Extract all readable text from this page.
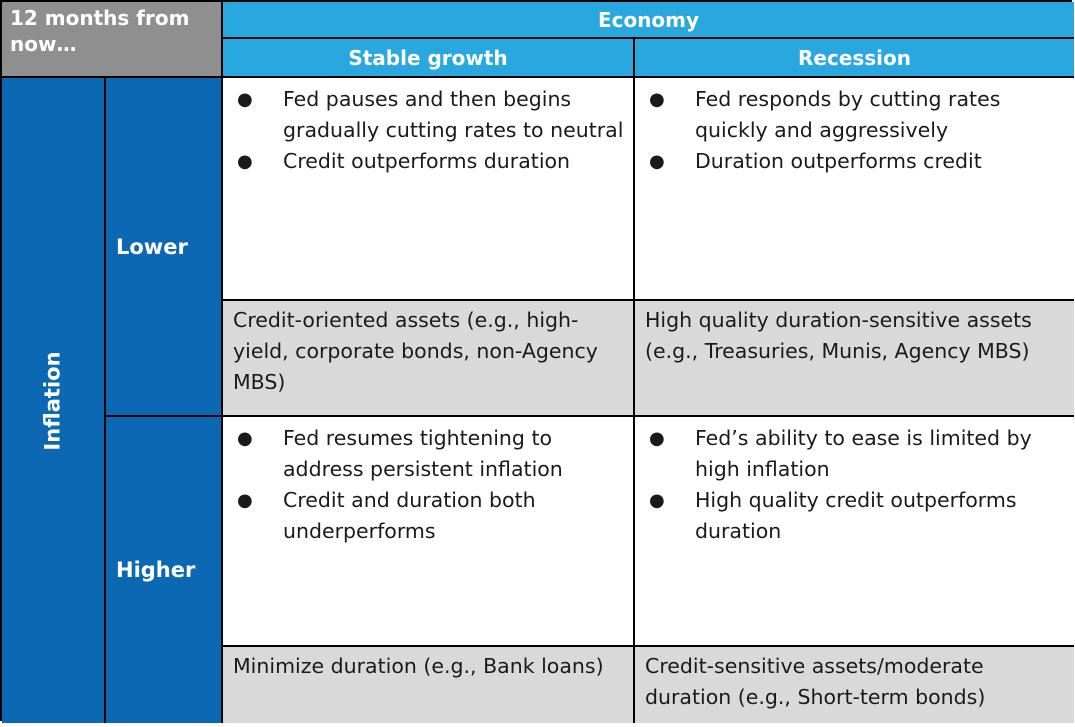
12 months from now…
Economy
Stable growth	Recession
Inflation
Lower
● Fed pauses and then begins gradually cutting rates to neutral
● Credit outperforms duration
● Fed responds by cutting rates quickly and aggressively
● Duration outperforms credit
Credit-oriented assets (e.g., high-yield, corporate bonds, non-Agency MBS)
High quality duration-sensitive assets (e.g., Treasuries, Munis, Agency MBS)
Higher
● Fed resumes tightening to address persistent inflation
● Credit and duration both underperforms
● Fed’s ability to ease is limited by high inflation
● High quality credit outperforms duration
Minimize duration (e.g., Bank loans)	Credit-sensitive assets/moderate duration (e.g., Short-term bonds)
